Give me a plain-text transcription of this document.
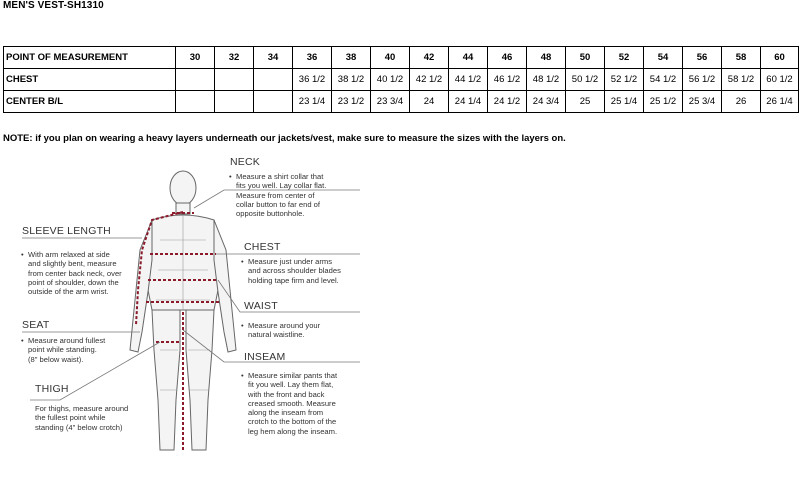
MEN'S VEST-SH1310
POINT OF MEASUREMENT	30	32	34	36	38	40	42	44	46	48	50	52	54	56	58	60
CHEST				36 1/2	38 1/2	40 1/2	42 1/2	44 1/2	46 1/2	48 1/2	50 1/2	52 1/2	54 1/2	56 1/2	58 1/2	60 1/2
CENTER B/L				23 1/4	23 1/2	23 3/4	24	24 1/4	24 1/2	24 3/4	25	25 1/4	25 1/2	25 3/4	26	26 1/4
NOTE: if you plan on wearing a heavy layers underneath our jackets/vest, make sure to measure the sizes with the layers on.
NECK
• Measure a shirt collar that
fits you well. Lay collar flat.
Measure from center of
collar button to far end of
opposite buttonhole.
SLEEVE LENGTH
• With arm relaxed at side
and slightly bent, measure
from center back neck, over
point of shoulder, down the
outside of the arm wrist.
CHEST
• Measure just under arms
and across shoulder blades
holding tape firm and level.
WAIST
• Measure around your
natural waistline.
SEAT
• Measure around fullest
point while standing.
(8" below waist).	INSEAM
• Measure similar pants that
fit you well. Lay them flat,
with the front and back
creased smooth. Measure
along the inseam from
crotch to the bottom of the
leg hem along the inseam.
THIGH
For thighs, measure around
the fullest point while
standing (4" below crotch)
